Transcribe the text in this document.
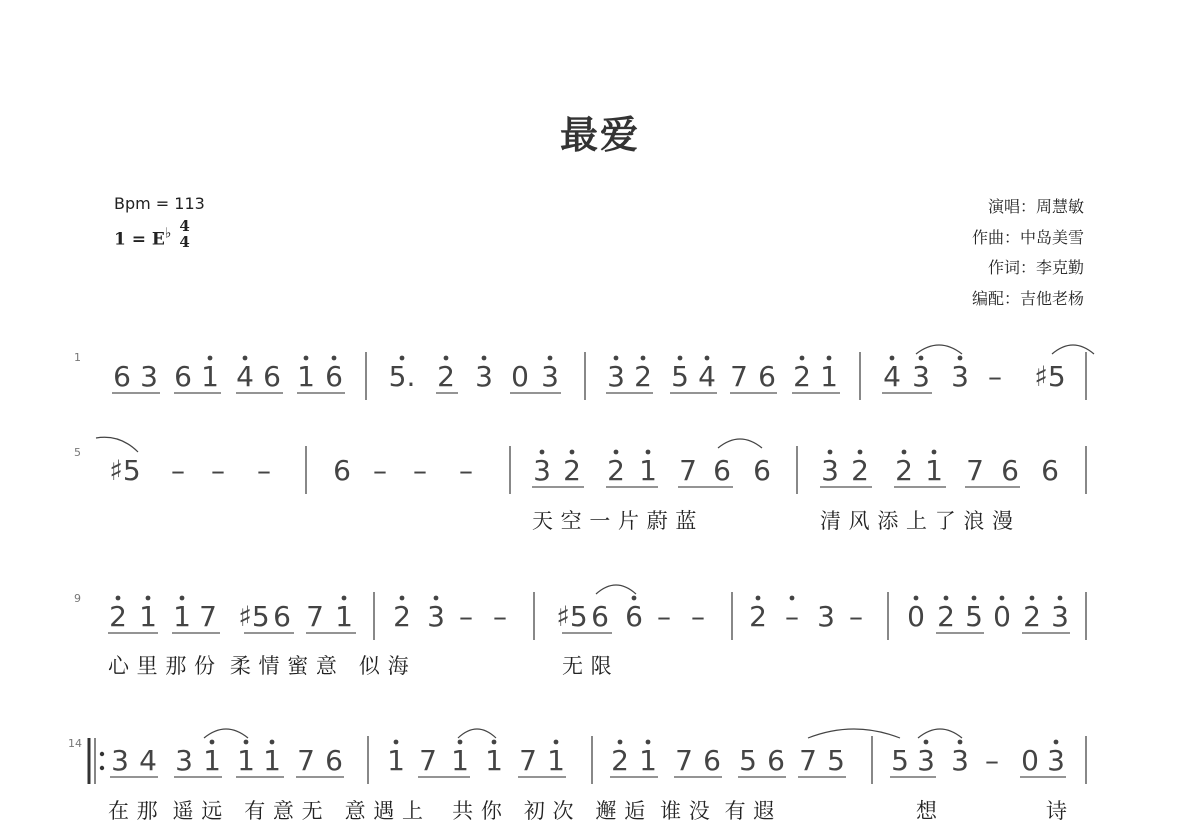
最爱
Bpm = 113
1 = E♭ 4
4
演唱：周慧敏
作曲：中岛美雪
作词：李克勤
编配：吉他老杨
1
5
9
14
6 3 6 1 4 6 1 6 5. 2 3 0 3 3 2 5 4 7 6 2 1 4 3 3 – ♯5
♯5 – – – 6 – – – 3 2 2 1 7 6 6 3 2 2 1 7 6 6
2 1 1 7 ♯5 6 7 1 2 3 – – ♯5 6 6 – – 2 – 3 – 0 2 5 0 2 3
3 4 3 1 1 1 7 6 1 7 1 1 7 1 2 1 7 6 5 6 7 5 5 3 3 – 0 3
天 空 一 片 蔚 蓝	清 风 添 上 了 浪 漫
心 里 那 份  柔 情 蜜 意   似 海	无 限
在 那  遥 远   有 意 无   意 遇 上    共 你   初 次   邂 逅  谁 没  有 遐	想	诗
